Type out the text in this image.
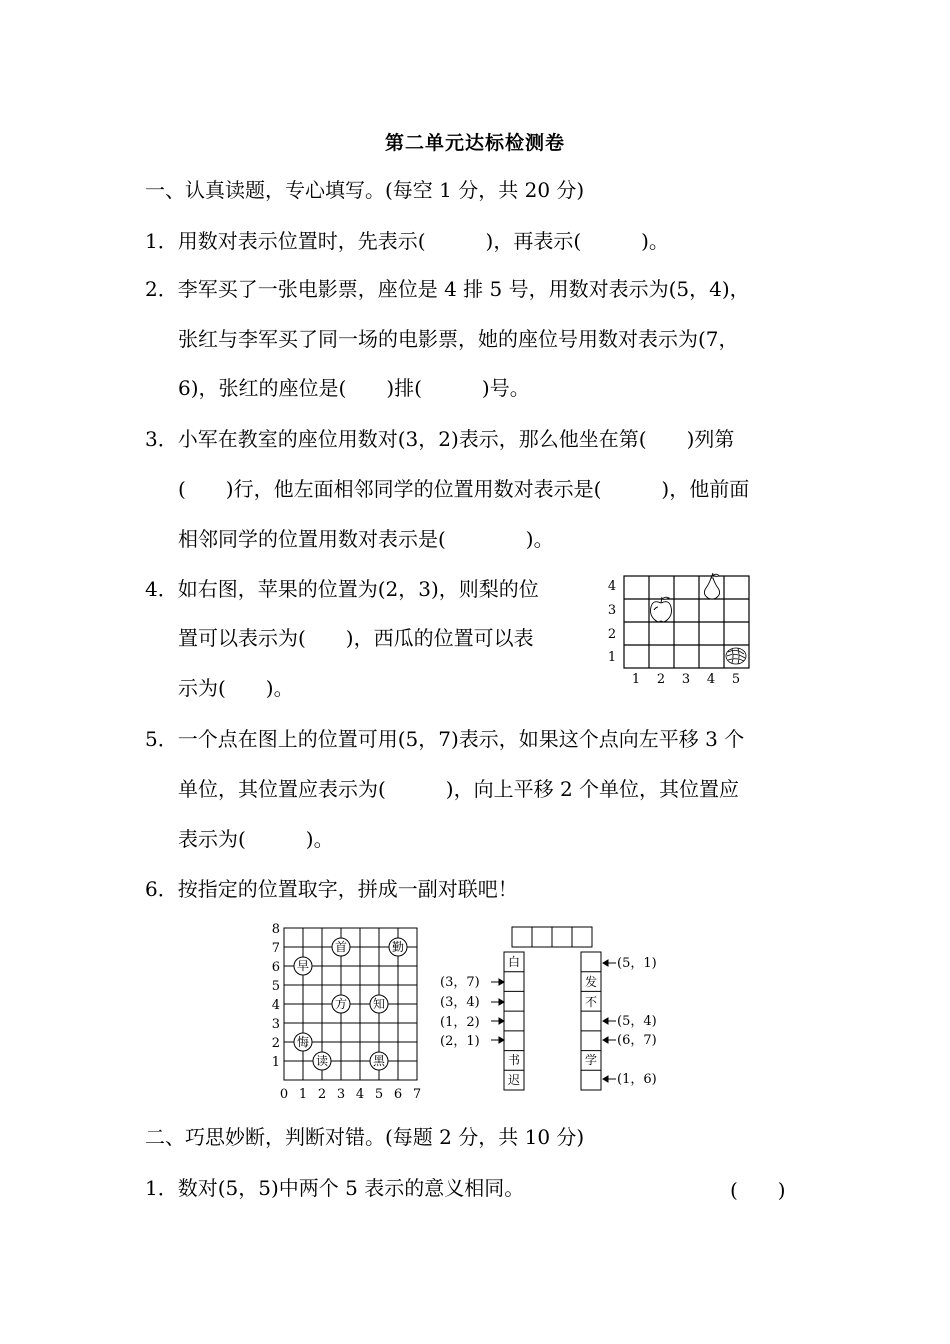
第二单元达标检测卷
一、认真读题，专心填写。(每空 1 分，共 20 分)
1．用数对表示位置时，先表示(　　　)，再表示(　　　)。
2．李军买了一张电影票，座位是 4 排 5 号，用数对表示为(5，4)，
张红与李军买了同一场的电影票，她的座位号用数对表示为(7，
6)，张红的座位是(　　)排(　　　)号。
3．小军在教室的座位用数对(3，2)表示，那么他坐在第(　　)列第
(　　)行，他左面相邻同学的位置用数对表示是(　　　)，他前面
相邻同学的位置用数对表示是(　　　　)。
4．如右图，苹果的位置为(2，3)，则梨的位
置可以表示为(　　)，西瓜的位置可以表
示为(　　)。
4
3
2
1
1 2 3 4 5
5．一个点在图上的位置可用(5，7)表示，如果这个点向左平移 3 个
单位，其位置应表示为(　　　)，向上平移 2 个单位，其位置应
表示为(　　　)。
6．按指定的位置取字，拼成一副对联吧！
8
7
6
5
4
3
2
1
0 1 2 3 4 5 6 7
首	勤
早
方 知
悔
读	黑
白
书
迟
发
不
学
(3，7)
(3，4)
(1，2)
(2，1)
(5，1)
(5，4)
(6，7)
(1，6)
二、巧思妙断，判断对错。(每题 2 分，共 10 分)
1．数对(5，5)中两个 5 表示的意义相同。	(　　)
